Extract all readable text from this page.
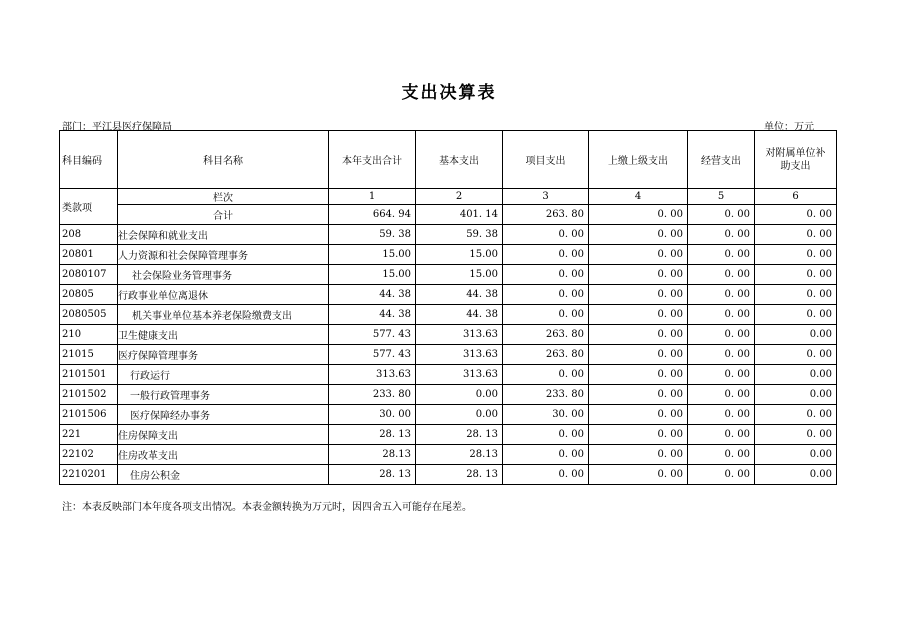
支出决算表
部门：平江县医疗保障局	单位：万元
科目编码	科目名称	本年支出合计	基本支出	项目支出	上缴上级支出	经营支出	对附属单位补 助支出
类款项	栏次	1	2	3	4	5	6
	合计	664. 94	401. 14	263. 80	0. 00	0. 00	0. 00
208	社会保障和就业支出	59. 38	59. 38	0. 00	0. 00	0. 00	0. 00
20801	人力资源和社会保障管理事务	15.00	15.00	0. 00	0. 00	0. 00	0. 00
2080107	社会保险业务管理事务	15.00	15.00	0. 00	0. 00	0. 00	0. 00
20805	行政事业单位离退休	44. 38	44. 38	0. 00	0. 00	0. 00	0. 00
2080505	机关事业单位基本养老保险缴费支出	44. 38	44. 38	0. 00	0. 00	0. 00	0. 00
210	卫生健康支出	577. 43	313.63	263. 80	0. 00	0. 00	0.00
21015	医疗保障管理事务	577. 43	313.63	263. 80	0. 00	0. 00	0. 00
2101501	行政运行	313.63	313.63	0. 00	0. 00	0. 00	0.00
2101502	一般行政管理事务	233. 80	0.00	233. 80	0. 00	0. 00	0.00
2101506	医疗保障经办事务	30. 00	0.00	30. 00	0. 00	0. 00	0. 00
221	住房保障支出	28. 13	28. 13	0. 00	0. 00	0. 00	0. 00
22102	住房改革支出	28.13	28.13	0. 00	0. 00	0. 00	0.00
2210201	住房公积金	28. 13	28. 13	0. 00	0. 00	0. 00	0.00
注：本表反映部门本年度各项支出情况。本表金额转换为万元时，因四舍五入可能存在尾差。
